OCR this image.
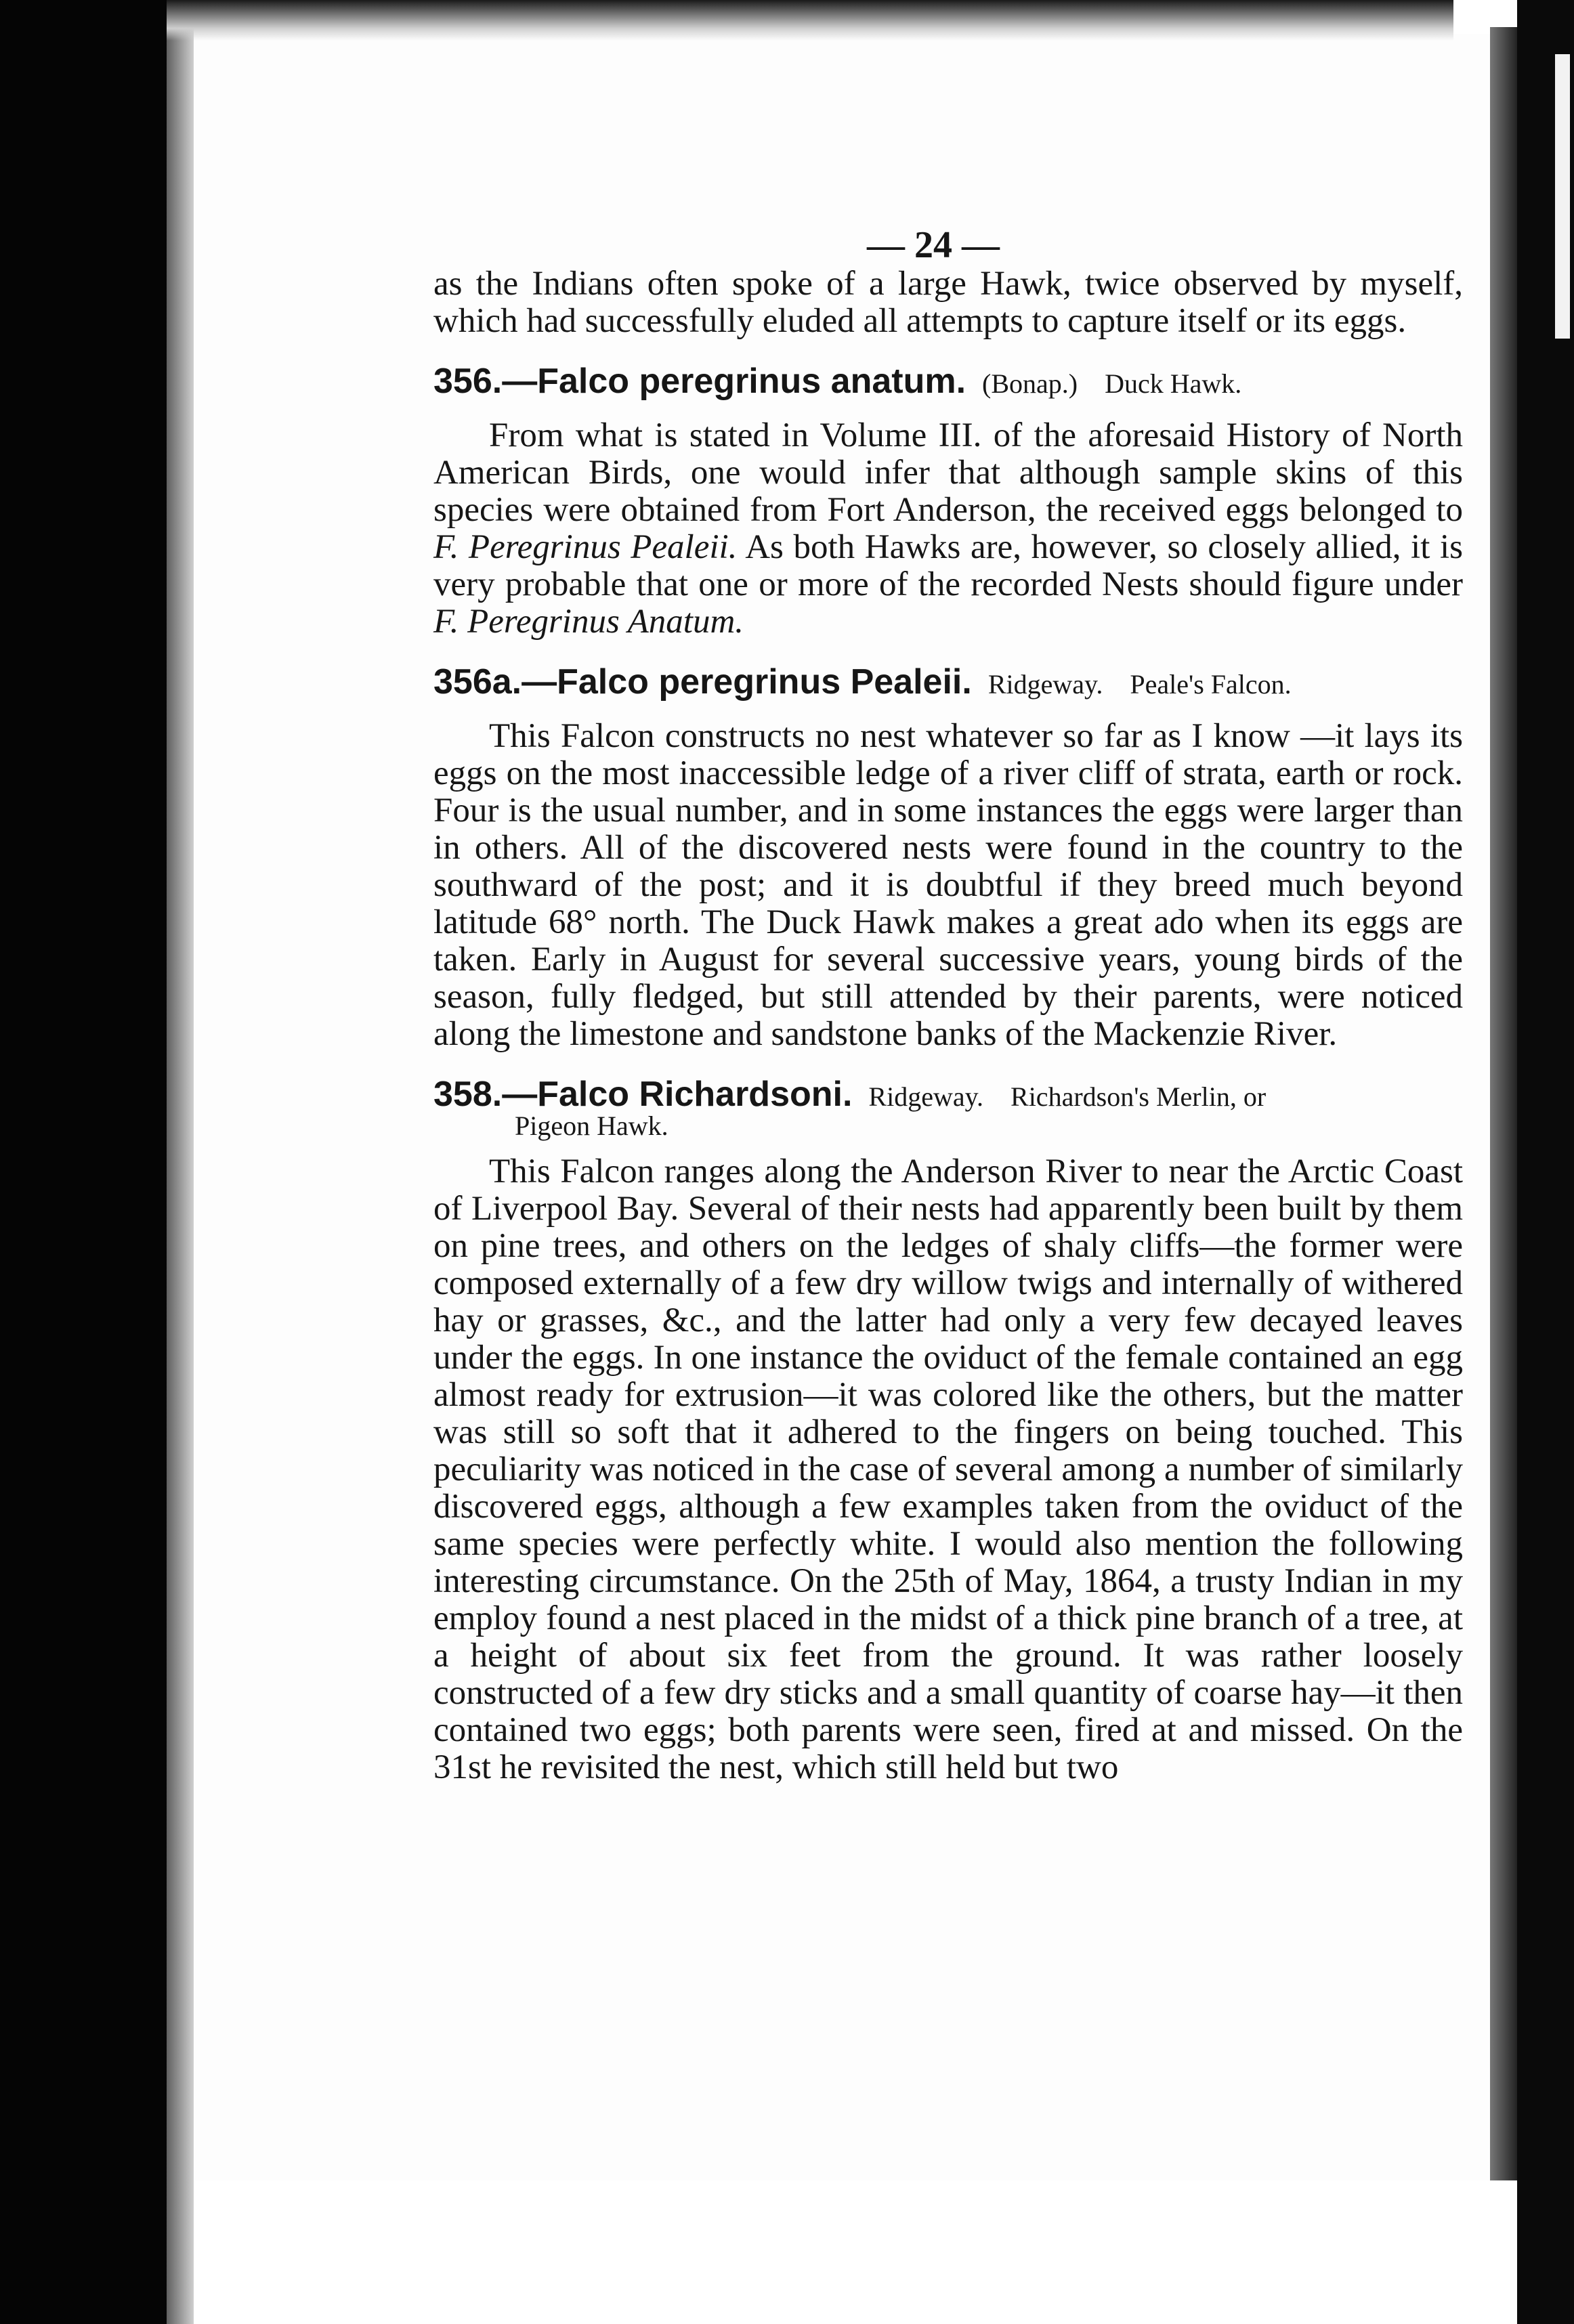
— 24 —

as the Indians often spoke of a large Hawk, twice observed by myself, which had successfully eluded all attempts to capture itself or its eggs.

356.—Falco peregrinus anatum. (Bonap.) Duck Hawk.

From what is stated in Volume III. of the aforesaid History of North American Birds, one would infer that although sample skins of this species were obtained from Fort Anderson, the received eggs belonged to F. Peregrinus Pealeii. As both Hawks are, however, so closely allied, it is very probable that one or more of the recorded Nests should figure under F. Peregrinus Anatum.

356a.—Falco peregrinus Pealeii. Ridgeway. Peale's Falcon.

This Falcon constructs no nest whatever so far as I know —it lays its eggs on the most inaccessible ledge of a river cliff of strata, earth or rock. Four is the usual number, and in some instances the eggs were larger than in others. All of the discovered nests were found in the country to the southward of the post; and it is doubtful if they breed much beyond latitude 68° north. The Duck Hawk makes a great ado when its eggs are taken. Early in August for several successive years, young birds of the season, fully fledged, but still attended by their parents, were noticed along the limestone and sandstone banks of the Mackenzie River.

358.—Falco Richardsoni. Ridgeway. Richardson's Merlin, or
Pigeon Hawk.

This Falcon ranges along the Anderson River to near the Arctic Coast of Liverpool Bay. Several of their nests had apparently been built by them on pine trees, and others on the ledges of shaly cliffs—the former were composed externally of a few dry willow twigs and internally of withered hay or grasses, &c., and the latter had only a very few decayed leaves under the eggs. In one instance the oviduct of the female contained an egg almost ready for extrusion—it was colored like the others, but the matter was still so soft that it adhered to the fingers on being touched. This peculiarity was noticed in the case of several among a number of similarly discovered eggs, although a few examples taken from the oviduct of the same species were perfectly white. I would also mention the following interesting circumstance. On the 25th of May, 1864, a trusty Indian in my employ found a nest placed in the midst of a thick pine branch of a tree, at a height of about six feet from the ground. It was rather loosely constructed of a few dry sticks and a small quantity of coarse hay—it then contained two eggs; both parents were seen, fired at and missed. On the 31st he revisited the nest, which still held but two
